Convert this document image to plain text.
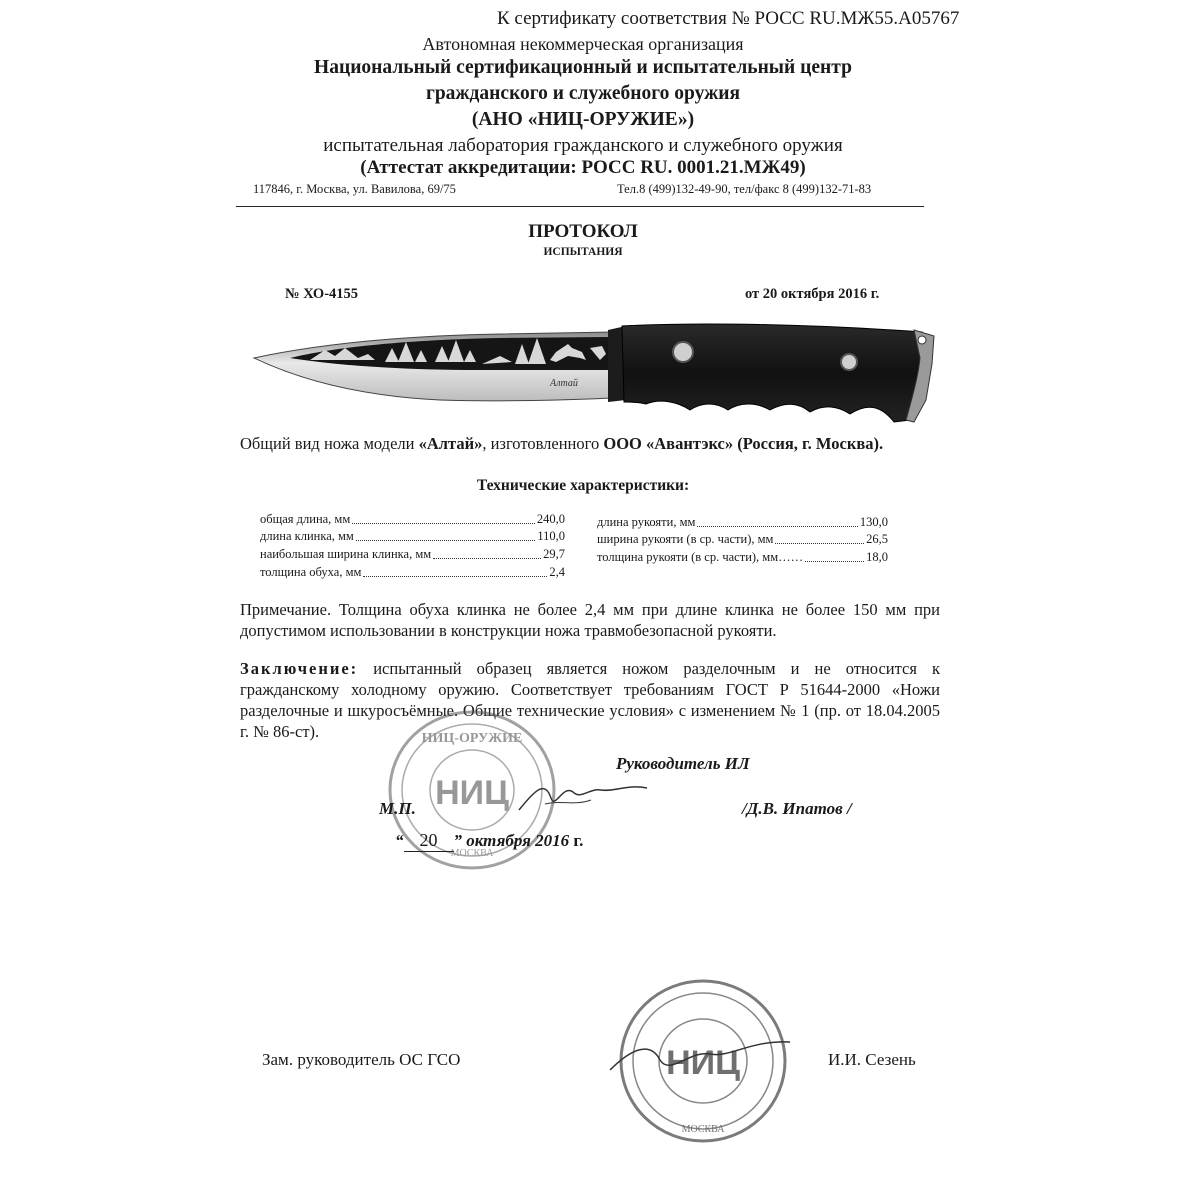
К сертификату соответствия № РОСС RU.МЖ55.А05767
Автономная некоммерческая организация
Национальный сертификационный и испытательный центр
гражданского и служебного оружия
(АНО «НИЦ-ОРУЖИЕ»)
испытательная лаборатория гражданского и служебного оружия
(Аттестат аккредитации: РОСС RU. 0001.21.МЖ49)
117846, г. Москва, ул. Вавилова, 69/75	Тел.8 (499)132-49-90, тел/факс 8 (499)132-71-83
ПРОТОКОЛ
ИСПЫТАНИЯ
№ ХО-4155	от 20 октября 2016 г.
Алтай
Общий вид ножа модели «Алтай», изготовленного ООО «Авантэкс» (Россия, г. Москва).
Технические характеристики:
общая длина, мм	240,0
длина клинка, мм	110,0
наибольшая ширина клинка, мм	29,7
толщина обуха, мм	2,4
длина рукояти, мм	130,0
ширина рукояти (в ср. части), мм	26,5
толщина рукояти (в ср. части), мм……	18,0
Примечание. Толщина обуха клинка не более 2,4 мм при длине клинка не более 150 мм при допустимом использовании в конструкции ножа травмобезопасной рукояти.
Заключение: испытанный образец является ножом разделочным и не относится к гражданскому холодному оружию. Соответствует требованиям ГОСТ Р 51644-2000 «Ножи разделочные и шкуросъёмные. Общие технические условия» с изменением № 1 (пр. от 18.04.2005 г. № 86-ст).	НИЦ-ОРУЖИЕ
НИЦ
МОСКВА
Руководитель ИЛ
М.П.	/Д.В. Ипатов /
“ 20 ” октября 2016 г.
НИЦ
МОСКВА
Зам. руководитель ОС ГСО	И.И. Сезень
